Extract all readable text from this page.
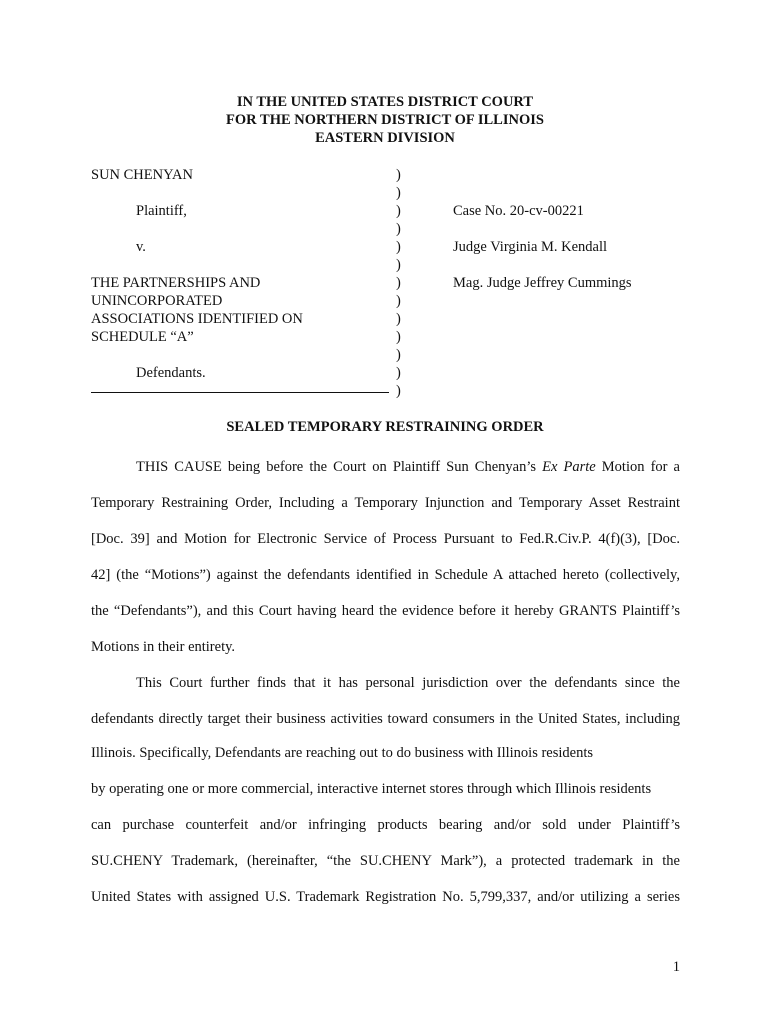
IN THE UNITED STATES DISTRICT COURT
FOR THE NORTHERN DISTRICT OF ILLINOIS
EASTERN DIVISION
SUN CHENYAN
Plaintiff,
v.
THE PARTNERSHIPS AND
UNINCORPORATED
ASSOCIATIONS IDENTIFIED ON
SCHEDULE “A”
Defendants.
)
)
)
)
)
)
)
)
)
)
)
)
)
Case No. 20-cv-00221
Judge Virginia M. Kendall
Mag. Judge Jeffrey Cummings
SEALED TEMPORARY RESTRAINING ORDER
THIS CAUSE being before the Court on Plaintiff Sun Chenyan’s Ex Parte Motion for a
Temporary Restraining Order, Including a Temporary Injunction and Temporary Asset Restraint
[Doc. 39] and Motion for Electronic Service of Process Pursuant to Fed.R.Civ.P. 4(f)(3), [Doc.
42] (the “Motions”) against the defendants identified in Schedule A attached hereto (collectively,
the “Defendants”), and this Court having heard the evidence before it hereby GRANTS Plaintiff’s
Motions in their entirety.
This Court further finds that it has personal jurisdiction over the defendants since the
defendants directly target their business activities toward consumers in the United States, including
Illinois. Specifically, Defendants are reaching out to do business with Illinois residents
by operating one or more commercial, interactive internet stores through which Illinois residents
can purchase counterfeit and/or infringing products bearing and/or sold under Plaintiff’s
SU.CHENY Trademark, (hereinafter, “the SU.CHENY Mark”), a protected trademark in the
United States with assigned U.S. Trademark Registration No. 5,799,337, and/or utilizing a series
1
